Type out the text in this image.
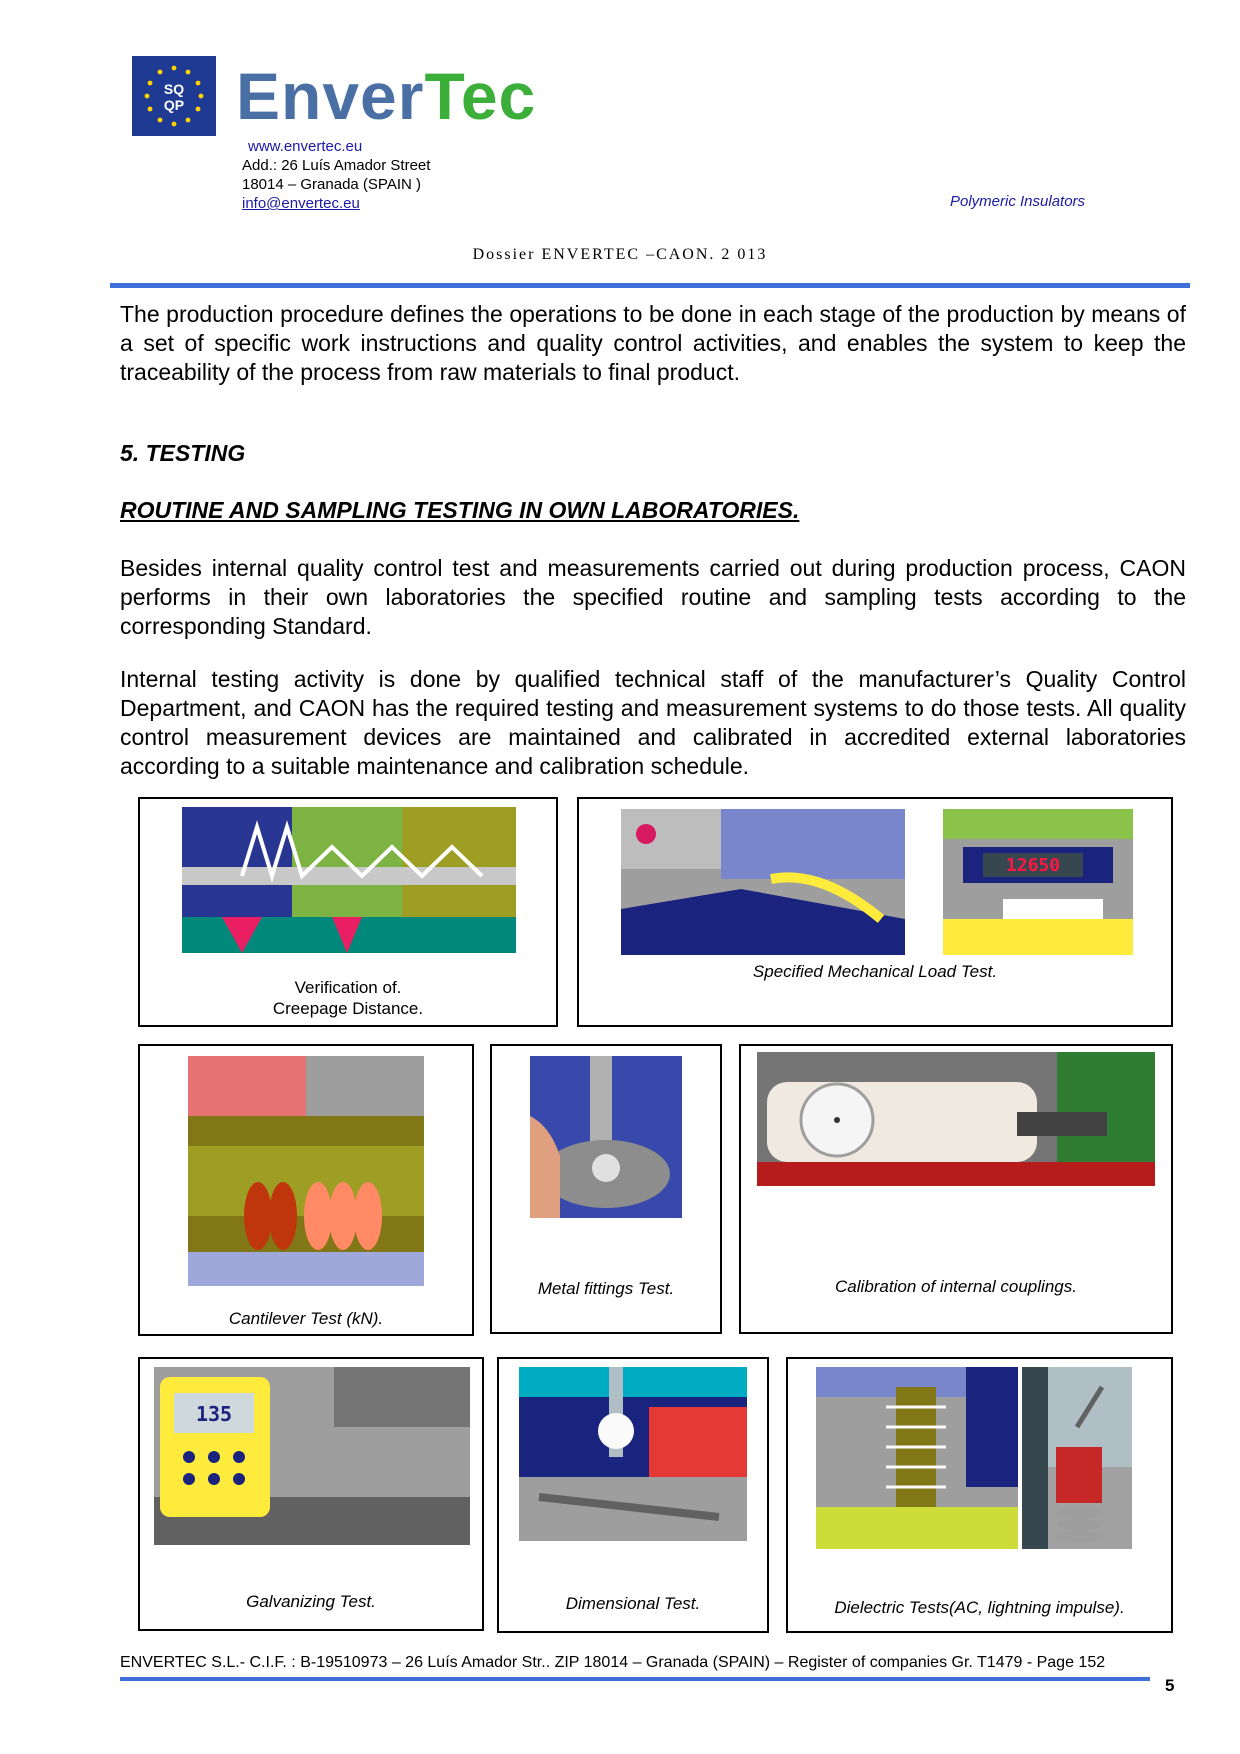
SQ
QP EnverTec
www.envertec.eu
Add.: 26 Luís Amador Street
18014 – Granada (SPAIN )
info@envertec.eu	Polymeric Insulators
Dossier ENVERTEC –CAON. 2 013
The production procedure defines the operations to be done in each stage of the production by means of a set of specific work instructions and quality control activities, and enables the system to keep the traceability of the process from raw materials to final product.
5. TESTING
ROUTINE AND SAMPLING TESTING IN OWN LABORATORIES.
Besides internal quality control test and measurements carried out during production process, CAON performs in their own laboratories the specified routine and sampling tests according to the corresponding Standard.
Internal testing activity is done by qualified technical staff of the manufacturer’s Quality Control Department, and CAON has the required testing and measurement systems to do those tests. All quality control measurement devices are maintained and calibrated in accredited external laboratories according to a suitable maintenance and calibration schedule.
Verification of.
Creepage Distance.
12650
Specified Mechanical Load Test.
Cantilever Test (kN).
Metal fittings Test.	Calibration of internal couplings.
135
Galvanizing Test.	Dimensional Test.	Dielectric Tests(AC, lightning impulse).
ENVERTEC S.L.- C.I.F. : B-19510973 – 26 Luís Amador Str.. ZIP 18014 – Granada (SPAIN) – Register of companies Gr. T1479 - Page 152
5
